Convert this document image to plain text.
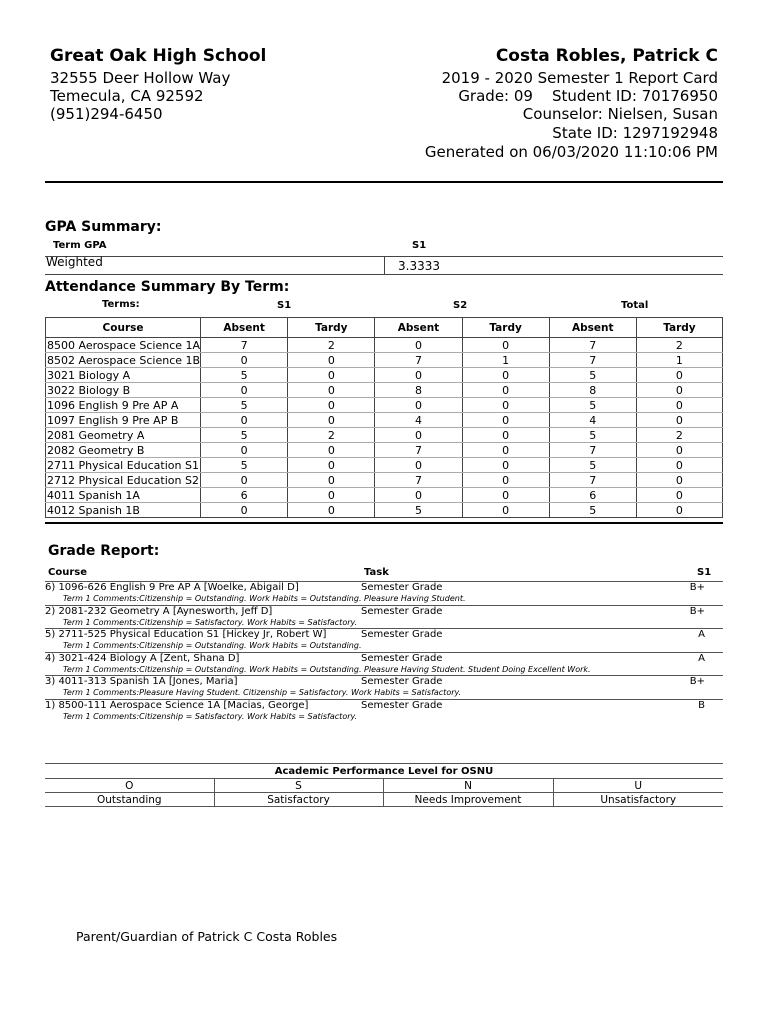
Great Oak High School
32555 Deer Hollow Way
Temecula, CA 92592
(951)294-6450
Costa Robles, Patrick C
2019 - 2020 Semester 1 Report Card
Grade: 09    Student ID: 70176950
Counselor: Nielsen, Susan
State ID: 1297192948
Generated on 06/03/2020 11:10:06 PM
GPA Summary:
Term GPA	S1
Weighted	3.3333
Attendance Summary By Term:
Terms:	S1	S2	Total
Course	Absent	Tardy	Absent	Tardy	Absent	Tardy
8500 Aerospace Science 1A	7	2	0	0	7	2
8502 Aerospace Science 1B	0	0	7	1	7	1
3021 Biology A	5	0	0	0	5	0
3022 Biology B	0	0	8	0	8	0
1096 English 9 Pre AP A	5	0	0	0	5	0
1097 English 9 Pre AP B	0	0	4	0	4	0
2081 Geometry A	5	2	0	0	5	2
2082 Geometry B	0	0	7	0	7	0
2711 Physical Education S1	5	0	0	0	5	0
2712 Physical Education S2	0	0	7	0	7	0
4011 Spanish 1A	6	0	0	0	6	0
4012 Spanish 1B	0	0	5	0	5	0
Grade Report:
Course	Task	S1
6) 1096-626 English 9 Pre AP A [Woelke, Abigail D]	Semester Grade	B+
Term 1 Comments:Citizenship = Outstanding. Work Habits = Outstanding. Pleasure Having Student.
2) 2081-232 Geometry A [Aynesworth, Jeff D]	Semester Grade	B+
Term 1 Comments:Citizenship = Satisfactory. Work Habits = Satisfactory.
5) 2711-525 Physical Education S1 [Hickey Jr, Robert W]	Semester Grade	A
Term 1 Comments:Citizenship = Outstanding. Work Habits = Outstanding.
4) 3021-424 Biology A [Zent, Shana D]	Semester Grade	A
Term 1 Comments:Citizenship = Outstanding. Work Habits = Outstanding. Pleasure Having Student. Student Doing Excellent Work.
3) 4011-313 Spanish 1A [Jones, Maria]	Semester Grade	B+
Term 1 Comments:Pleasure Having Student. Citizenship = Satisfactory. Work Habits = Satisfactory.
1) 8500-111 Aerospace Science 1A [Macias, George]	Semester Grade	B
Term 1 Comments:Citizenship = Satisfactory. Work Habits = Satisfactory.
Academic Performance Level for OSNU			
O	S	N	U
Outstanding	Satisfactory	Needs Improvement	Unsatisfactory
Parent/Guardian of Patrick C Costa Robles
